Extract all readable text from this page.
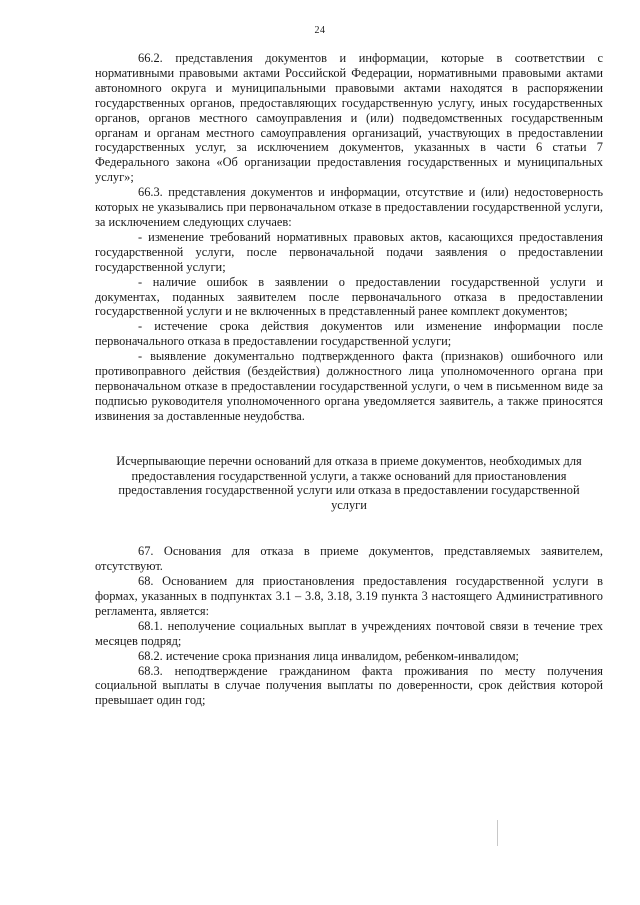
24

66.2. представления документов и информации, которые в соответствии с нормативными правовыми актами Российской Федерации, нормативными правовыми актами автономного округа и муниципальными правовыми актами находятся в распоряжении государственных органов, предоставляющих государственную услугу, иных государственных органов, органов местного самоуправления и (или) подведомственных государственным органам и органам местного самоуправления организаций, участвующих в предоставлении государственных услуг, за исключением документов, указанных в части 6 статьи 7 Федерального закона «Об организации предоставления государственных и муниципальных услуг»;

66.3. представления документов и информации, отсутствие и (или) недостоверность которых не указывались при первоначальном отказе в предоставлении государственной услуги, за исключением следующих случаев:

- изменение требований нормативных правовых актов, касающихся предоставления государственной услуги, после первоначальной подачи заявления о предоставлении государственной услуги;

- наличие ошибок в заявлении о предоставлении государственной услуги и документах, поданных заявителем после первоначального отказа в предоставлении государственной услуги и не включенных в представленный ранее комплект документов;

- истечение срока действия документов или изменение информации после первоначального отказа в предоставлении государственной услуги;

- выявление документально подтвержденного факта (признаков) ошибочного или противоправного действия (бездействия) должностного лица уполномоченного органа при первоначальном отказе в предоставлении государственной услуги, о чем в письменном виде за подписью руководителя уполномоченного органа уведомляется заявитель, а также приносятся извинения за доставленные неудобства.

Исчерпывающие перечни оснований для отказа в приеме документов, необходимых для предоставления государственной услуги, а также оснований для приостановления предоставления государственной услуги или отказа в предоставлении государственной услуги

67. Основания для отказа в приеме документов, представляемых заявителем, отсутствуют.

68. Основанием для приостановления предоставления государственной услуги в формах, указанных в подпунктах 3.1 – 3.8, 3.18, 3.19 пункта 3 настоящего Административного регламента, является:

68.1. неполучение социальных выплат в учреждениях почтовой связи в течение трех месяцев подряд;

68.2. истечение срока признания лица инвалидом, ребенком-инвалидом;

68.3. неподтверждение гражданином факта проживания по месту получения социальной выплаты в случае получения выплаты по доверенности, срок действия которой превышает один год;
